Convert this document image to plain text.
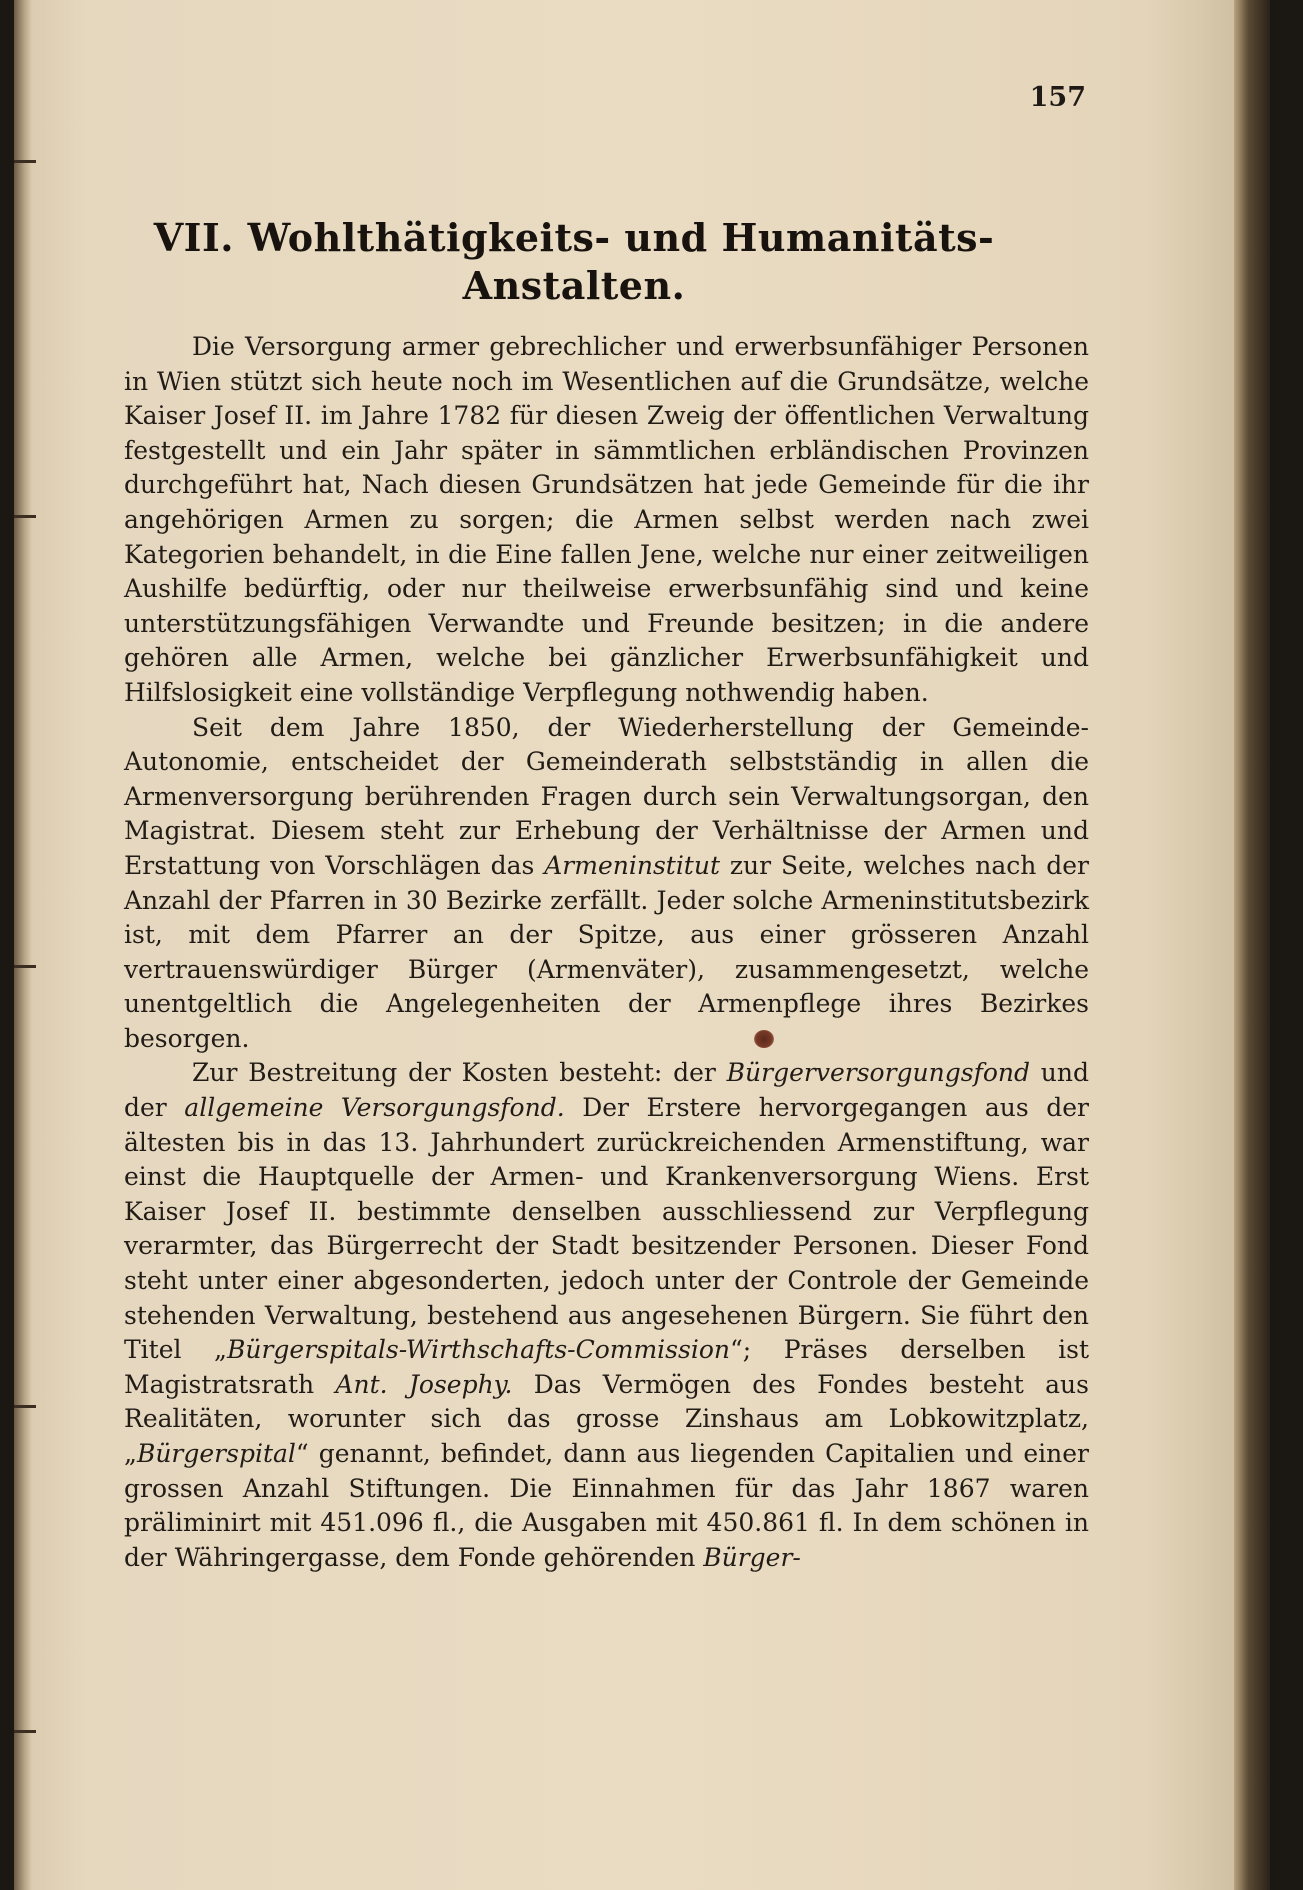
157
VII. Wohlthätigkeits- und Humanitäts-
Anstalten.

Die Versorgung armer gebrechlicher und erwerbsunfähiger Personen in Wien stützt sich heute noch im Wesentlichen auf die Grundsätze, welche Kaiser Josef II. im Jahre 1782 für diesen Zweig der öffentlichen Verwaltung festgestellt und ein Jahr später in sämmtlichen erbländischen Provinzen durchgeführt hat, Nach diesen Grundsätzen hat jede Gemeinde für die ihr angehörigen Armen zu sorgen; die Armen selbst werden nach zwei Kategorien behandelt, in die Eine fallen Jene, welche nur einer zeitweiligen Aushilfe bedürftig, oder nur theilweise erwerbsunfähig sind und keine unterstützungsfähigen Verwandte und Freunde besitzen; in die andere gehören alle Armen, welche bei gänzlicher Erwerbsunfähigkeit und Hilfslosigkeit eine vollständige Verpflegung nothwendig haben.

Seit dem Jahre 1850, der Wiederherstellung der Gemeinde-Autonomie, entscheidet der Gemeinderath selbstständig in allen die Armenversorgung berührenden Fragen durch sein Verwaltungsorgan, den Magistrat. Diesem steht zur Erhebung der Verhältnisse der Armen und Erstattung von Vorschlägen das Armeninstitut zur Seite, welches nach der Anzahl der Pfarren in 30 Bezirke zerfällt. Jeder solche Armeninstitutsbezirk ist, mit dem Pfarrer an der Spitze, aus einer grösseren Anzahl vertrauenswürdiger Bürger (Armenväter), zusammengesetzt, welche unentgeltlich die Angelegenheiten der Armenpflege ihres Bezirkes besorgen.

Zur Bestreitung der Kosten besteht: der Bürgerversorgungsfond und der allgemeine Versorgungsfond. Der Erstere hervorgegangen aus der ältesten bis in das 13. Jahrhundert zurückreichenden Armenstiftung, war einst die Hauptquelle der Armen- und Krankenversorgung Wiens. Erst Kaiser Josef II. bestimmte denselben ausschliessend zur Verpflegung verarmter, das Bürgerrecht der Stadt besitzender Personen. Dieser Fond steht unter einer abgesonderten, jedoch unter der Controle der Gemeinde stehenden Verwaltung, bestehend aus angesehenen Bürgern. Sie führt den Titel „Bürgerspitals-Wirthschafts-Commission“; Präses derselben ist Magistratsrath Ant. Josephy. Das Vermögen des Fondes besteht aus Realitäten, worunter sich das grosse Zinshaus am Lobkowitzplatz, „Bürgerspital“ genannt, befindet, dann aus liegenden Capitalien und einer grossen Anzahl Stiftungen. Die Einnahmen für das Jahr 1867 waren präliminirt mit 451.096 fl., die Ausgaben mit 450.861 fl. In dem schönen in der Währingergasse, dem Fonde gehörenden Bürger-
